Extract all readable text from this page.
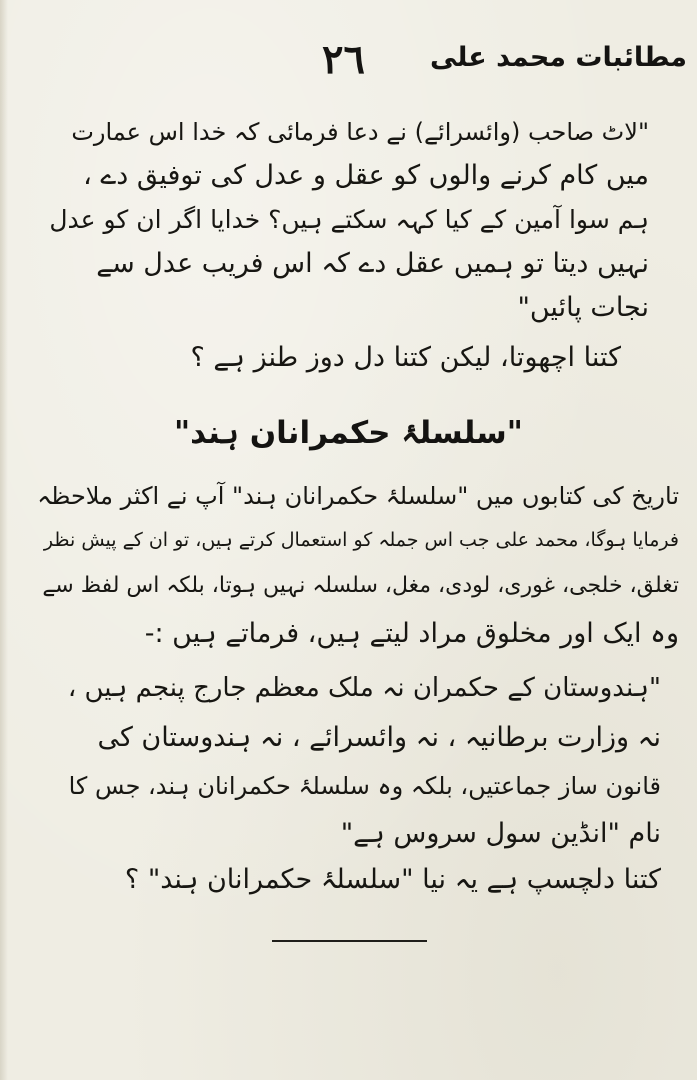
٢٦ مطائبات محمد علی
"لاٹ صاحب (وائسرائے) نے دعا فرمائی کہ خدا اس عمارت
میں کام کرنے والوں کو عقل و عدل کی توفیق دے ،
ہم سوا آمین کے کیا کہہ سکتے ہیں؟ خدایا اگر ان کو عدل
نہیں دیتا تو ہمیں عقل دے کہ اس فریب عدل سے
نجات پائیں"
کتنا اچھوتا، لیکن کتنا دل دوز طنز ہے ؟
"سلسلۂ حکمرانان ہند"
تاریخ کی کتابوں میں "سلسلۂ حکمرانان ہند" آپ نے اکثر ملاحظہ
فرمایا ہوگا، محمد علی جب اس جملہ کو استعمال کرتے ہیں، تو ان کے پیش نظر
تغلق، خلجی، غوری، لودی، مغل، سلسلہ نہیں ہوتا، بلکہ اس لفظ سے
وہ ایک اور مخلوق مراد لیتے ہیں، فرماتے ہیں :-
"ہندوستان کے حکمران نہ ملک معظم جارج پنجم ہیں ،
نہ وزارت برطانیہ ، نہ وائسرائے ، نہ ہندوستان کی
قانون ساز جماعتیں، بلکہ وہ سلسلۂ حکمرانان ہند، جس کا
نام "انڈین سول سروس ہے"
کتنا دلچسپ ہے یہ نیا "سلسلۂ حکمرانان ہند" ؟
